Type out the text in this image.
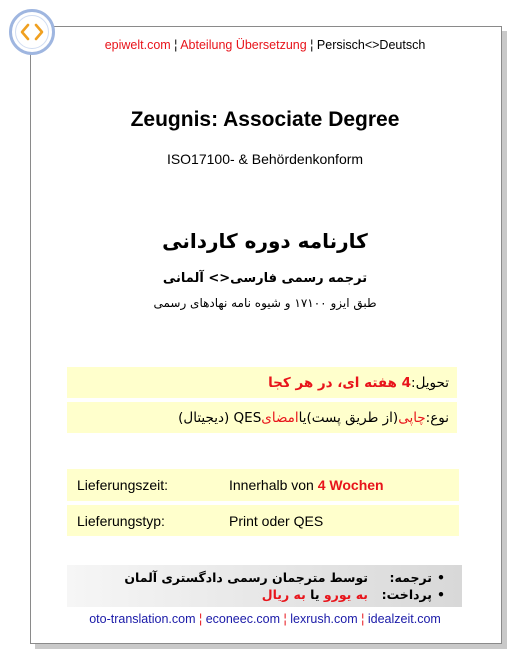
epiwelt.com ¦ Abteilung Übersetzung ¦ Persisch<>Deutsch
Zeugnis: Associate Degree
ISO17100- & Behördenkonform
کارنامه دوره کاردانی
ترجمه رسمی فارسی<> آلمانی
طبق ایزو ۱۷۱۰۰ و شیوه نامه نهادهای رسمی
تحویل:
4 هفته ای، در هر کجا
نوع:
چاپی
(از طریق پست)
یا
امضای
QES (دیجیتال)
Lieferungszeit:	Innerhalb von 4 Wochen
Lieferungstyp:	Print oder QES
•
ترجمه:
توسط مترجمان رسمی دادگستری آلمان
•
پرداخت:
به یورو
یا
به ریال
oto-translation.com ¦ econeec.com ¦ lexrush.com ¦ idealzeit.com
